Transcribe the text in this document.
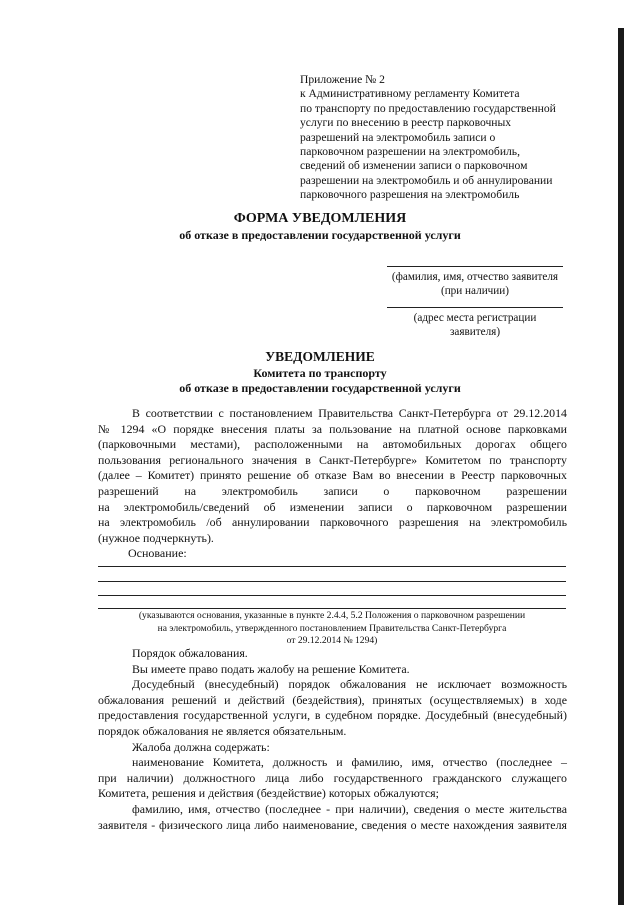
Приложение № 2
к Административному регламенту Комитета
по транспорту по предоставлению государственной
услуги по внесению в реестр парковочных
разрешений на электромобиль записи о
парковочном разрешении на электромобиль,
сведений об изменении записи о парковочном
разрешении на электромобиль и об аннулировании
парковочного разрешения на электромобиль
ФОРМА УВЕДОМЛЕНИЯ
об отказе в предоставлении государственной услуги
(фамилия, имя, отчество заявителя
(при наличии)
(адрес места регистрации
заявителя)
УВЕДОМЛЕНИЕ
Комитета по транспорту
об отказе в предоставлении государственной услуги
В соответствии с постановлением Правительства Санкт-Петербурга от 29.12.2014
№ 1294 «О порядке внесения платы за пользование на платной основе парковками
(парковочными местами), расположенными на автомобильных дорогах общего
пользования регионального значения в Санкт-Петербурге» Комитетом по транспорту
(далее – Комитет) принято решение об отказе Вам во внесении в Реестр парковочных
разрешений на электромобиль записи о парковочном разрешении
на электромобиль/сведений об изменении записи о парковочном разрешении
на электромобиль /об аннулировании парковочного разрешения на электромобиль
(нужное подчеркнуть).
Основание:
(указываются основания, указанные в пункте 2.4.4, 5.2 Положения о парковочном разрешении
на электромобиль, утвержденного постановлением Правительства Санкт-Петербурга
от 29.12.2014 № 1294)
Порядок обжалования.
Вы имеете право подать жалобу на решение Комитета.
Досудебный (внесудебный) порядок обжалования не исключает возможность
обжалования решений и действий (бездействия), принятых (осуществляемых) в ходе
предоставления государственной услуги, в судебном порядке. Досудебный (внесудебный)
порядок обжалования не является обязательным.
Жалоба должна содержать:
наименование Комитета, должность и фамилию, имя, отчество (последнее –
при наличии) должностного лица либо государственного гражданского служащего
Комитета, решения и действия (бездействие) которых обжалуются;
фамилию, имя, отчество (последнее - при наличии), сведения о месте жительства
заявителя - физического лица либо наименование, сведения о месте нахождения заявителя
